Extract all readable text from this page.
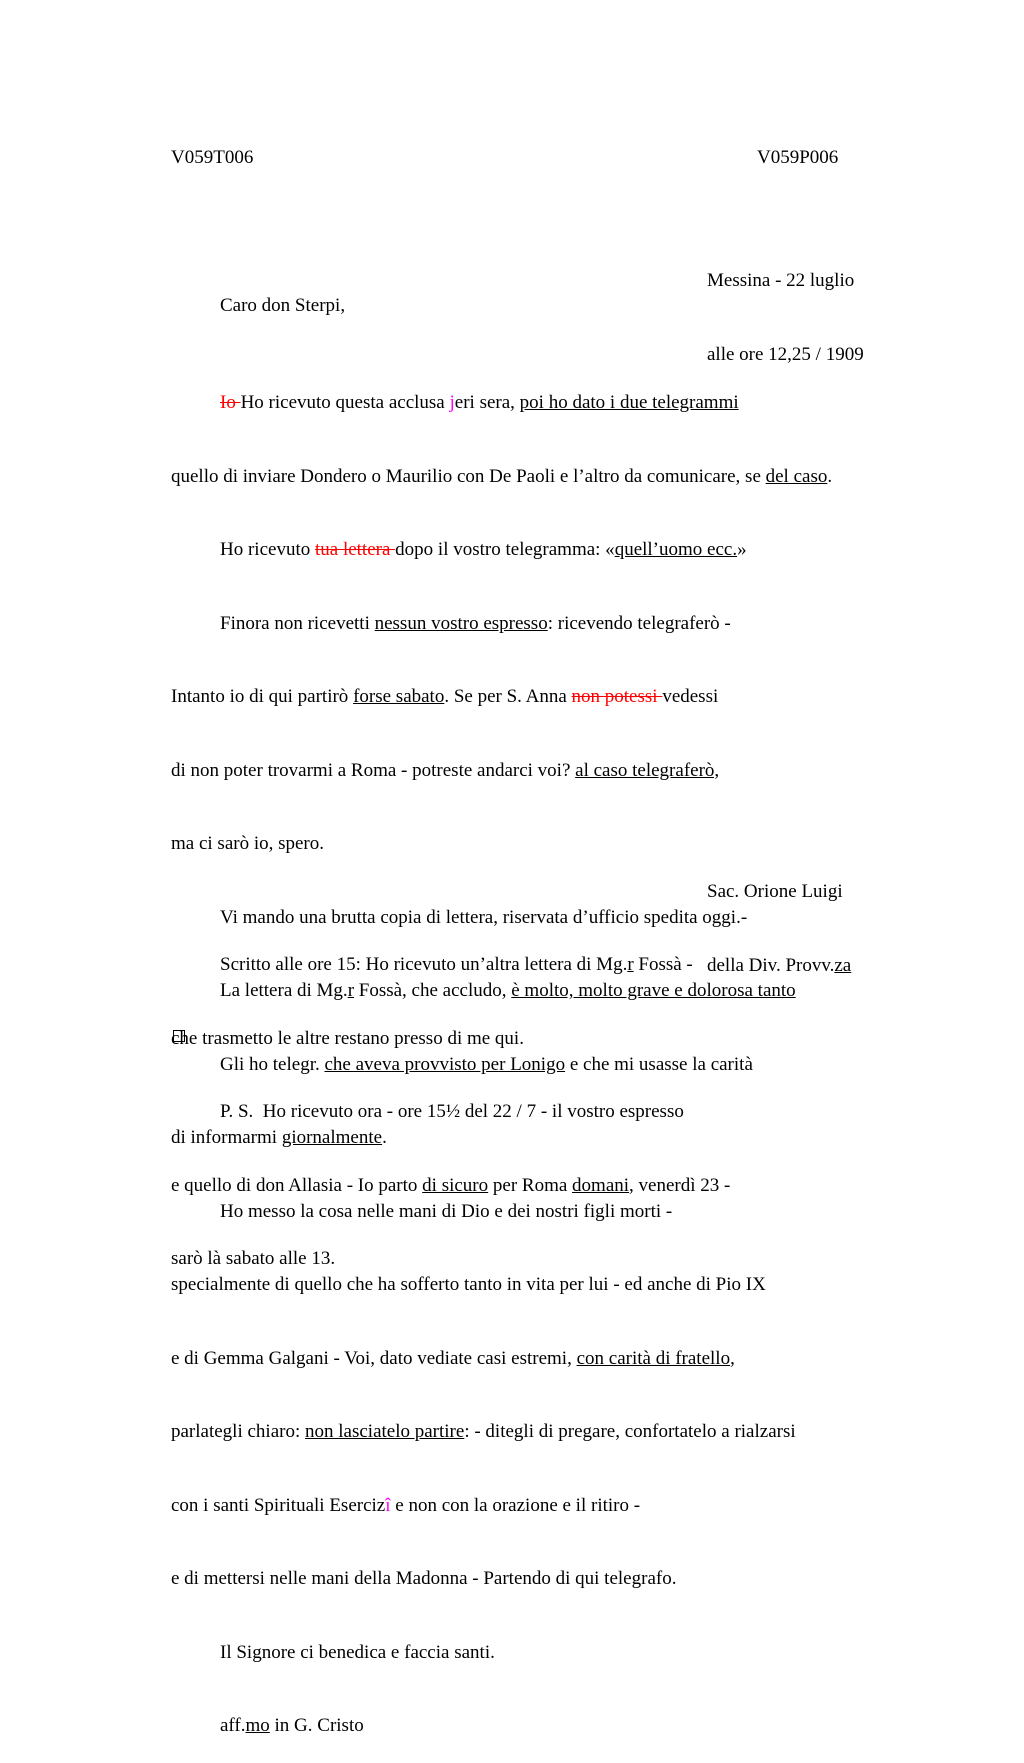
V059T006	V059P006

Messina - 22 luglio

alle ore 12,25 / 1909

Caro don Sterpi,

Io Ho ricevuto questa acclusa jeri sera, poi ho dato i due telegrammi

quello di inviare Dondero o Maurilio con De Paoli e l’altro da comunicare, se del caso.

Ho ricevuto tua lettera dopo il vostro telegramma: «quell’uomo ecc.»

Finora non ricevetti nessun vostro espresso: ricevendo telegraferò -

Intanto io di qui partirò forse sabato. Se per S. Anna non potessi vedessi

di non poter trovarmi a Roma - potreste andarci voi? al caso telegraferò,

ma ci sarò io, spero.

Vi mando una brutta copia di lettera, riservata d’ufficio spedita oggi.-

La lettera di Mg.r Fossà, che accludo, è molto, molto grave e dolorosa tanto

Gli ho telegr. che aveva provvisto per Lonigo e che mi usasse la carità

di informarmi giornalmente.

Ho messo la cosa nelle mani di Dio e dei nostri figli morti -

specialmente di quello che ha sofferto tanto in vita per lui - ed anche di Pio IX

e di Gemma Galgani - Voi, dato vediate casi estremi, con carità di fratello,

parlategli chiaro: non lasciatelo partire: - ditegli di pregare, confortatelo a rialzarsi

con i santi Spirituali Esercizî e non con la orazione e il ritiro -

e di mettersi nelle mani della Madonna - Partendo di qui telegrafo.

Il Signore ci benedica e faccia santi.

aff.mo in G. Cristo

Sac. Orione Luigi

della Div. Provv.za

Scritto alle ore 15: Ho ricevuto un’altra lettera di Mg.r Fossà -

che trasmetto le altre restano presso di me qui.

P. S.  Ho ricevuto ora - ore 15½ del 22 / 7 - il vostro espresso

e quello di don Allasia - Io parto di sicuro per Roma domani, venerdì 23 -

sarò là sabato alle 13.
